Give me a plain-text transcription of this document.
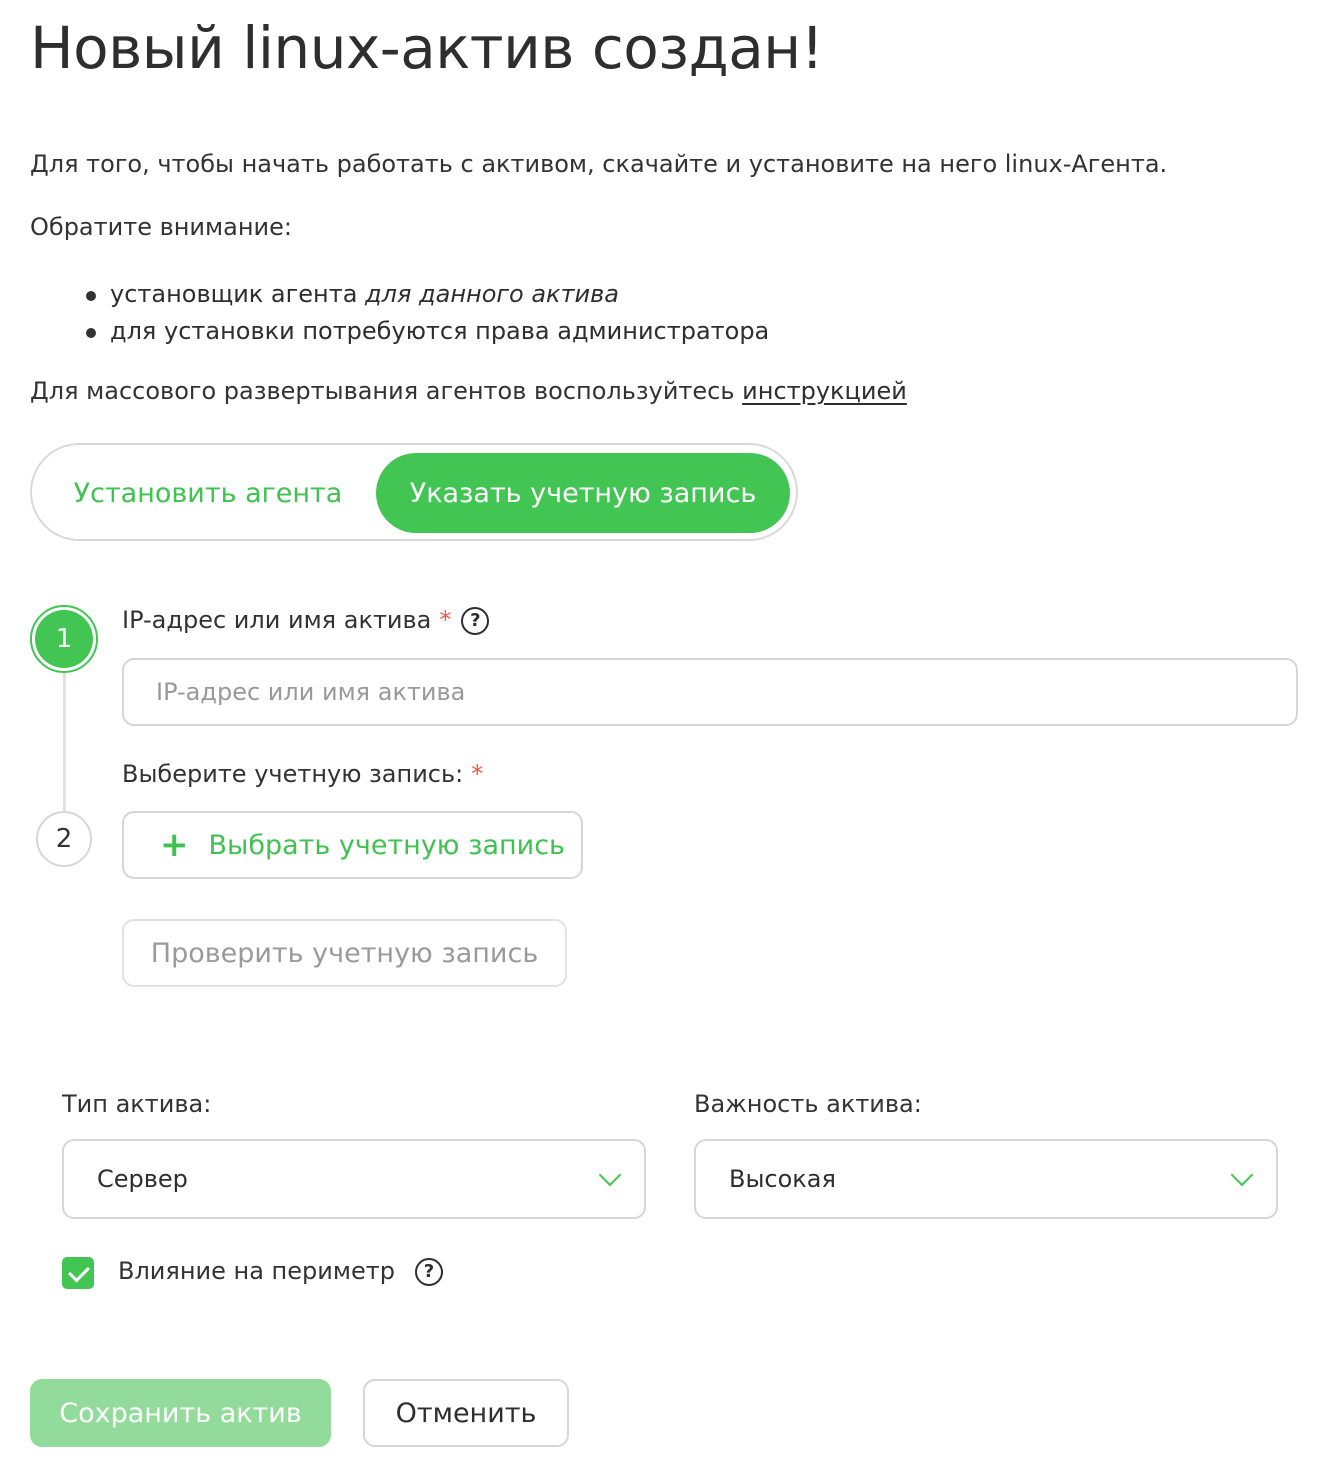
Новый linux-актив создан!
Для того, чтобы начать работать с активом, скачайте и установите на него linux-Агента.
Обратите внимание:
установщик агента для данного актива
для установки потребуются права администратора
Для массового развертывания агентов воспользуйтесь инструкцией
Установить агента	Указать учетную запись
1
2
IP-адрес или имя актива * ?
IP-адрес или имя актива
Выберите учетную запись: *
+ Выбрать учетную запись
Проверить учетную запись
Тип актива:	Важность актива:
Сервер	Высокая
Влияние на периметр ?
Сохранить актив	Отменить
